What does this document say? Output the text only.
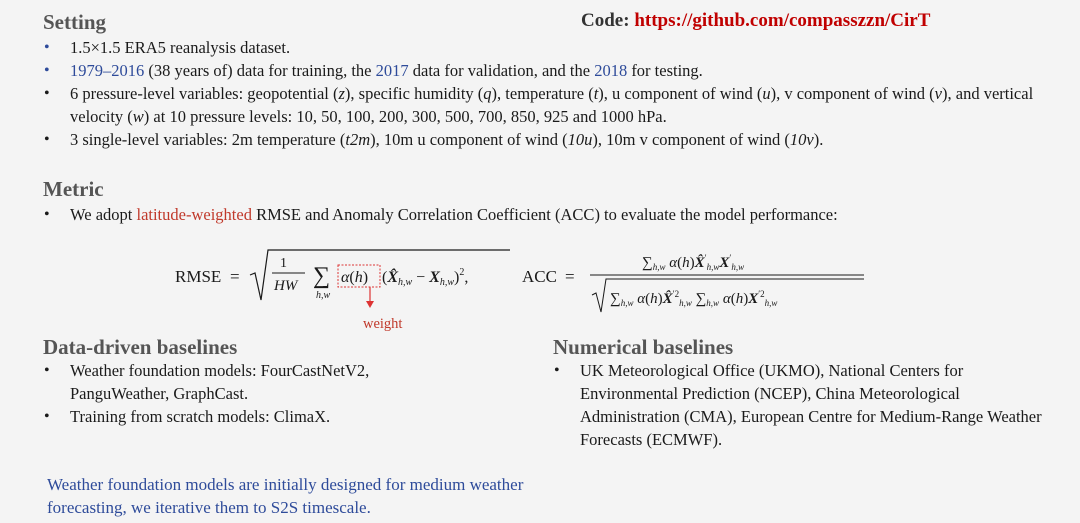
Setting	Code: https://github.com/compasszzn/CirT
• 1.5×1.5 ERA5 reanalysis dataset.
• 1979–2016 (38 years of) data for training, the 2017 data for validation, and the 2018 for testing.
• 6 pressure-level variables: geopotential (z), specific humidity (q), temperature (t), u component of wind (u), v component of wind (v), and vertical velocity (w) at 10 pressure levels: 10, 50, 100, 200, 300, 500, 700, 850, 925 and 1000 hPa.
• 3 single-level variables: 2m temperature (t2m), 10m u component of wind (10u), 10m v component of wind (10v).
Metric
• We adopt latitude-weighted RMSE and Anomaly Correlation Coefficient (ACC) to evaluate the model performance:
RMSE =
1
HW ∑
h,w
α(h) (X̂h,w − Xh,w)$^2$,	ACC =
$\sum_{h,w}$ $\alpha(h)X̂'_{h,w}X'_{h,w}$
$\sum_{h,w}$ α(h)X̂$^{'2}_{h,w}$ $\sum_{h,w}$ $\alpha(h)X^{'2}_{h,w}$
weight
Data-driven baselines
• Weather foundation models: FourCastNetV2, PanguWeather, GraphCast.
• Training from scratch models: ClimaX.
Numerical baselines
• UK Meteorological Office (UKMO), National Centers for Environmental Prediction (NCEP), China Meteorological Administration (CMA), European Centre for Medium-Range Weather Forecasts (ECMWF).
Weather foundation models are initially designed for medium weather forecasting, we iterative them to S2S timescale.
